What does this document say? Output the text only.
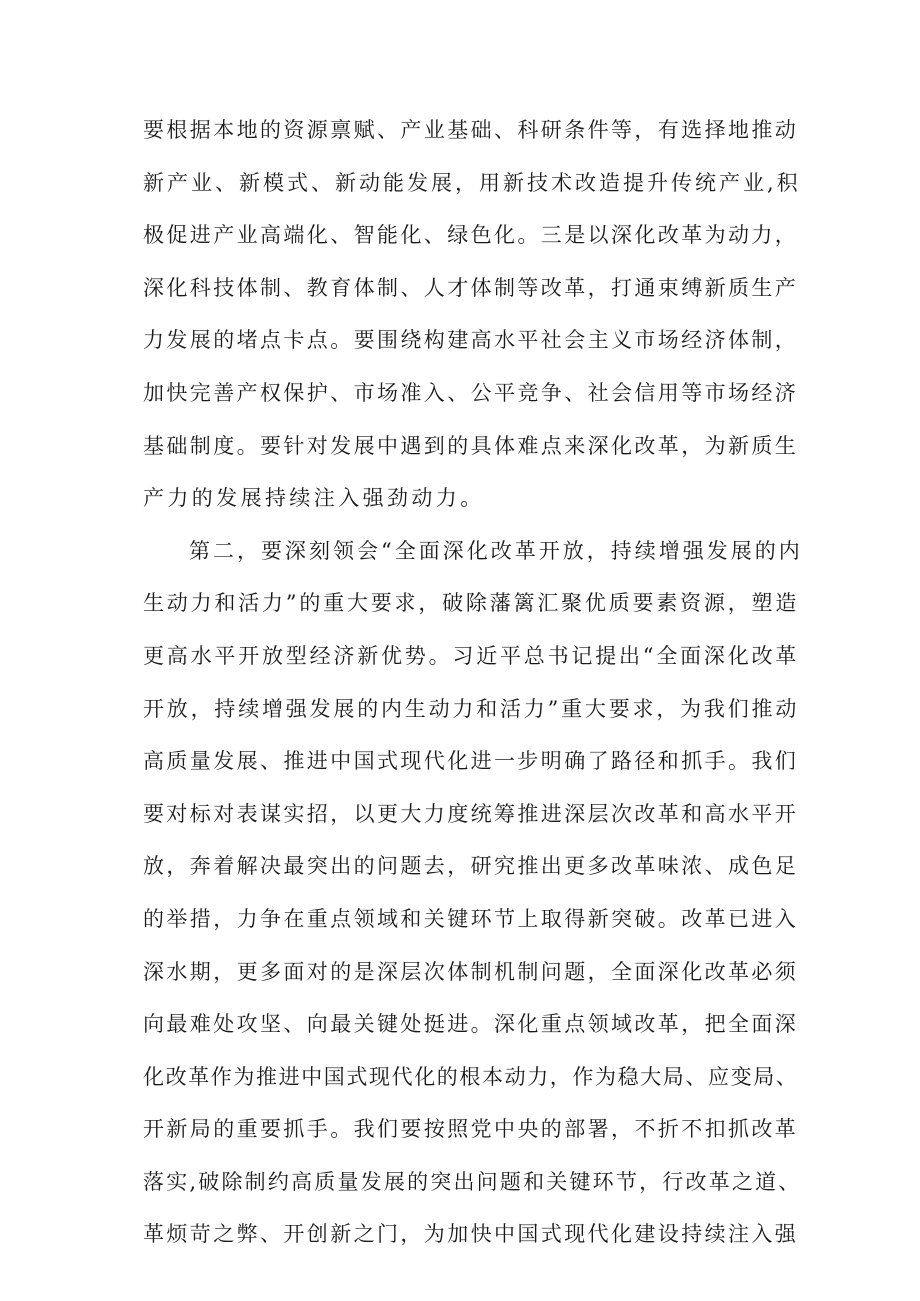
要根据本地的资源禀赋、产业基础、科研条件等，有选择地推动
新产业、新模式、新动能发展，用新技术改造提升传统产业,积
极促进产业高端化、智能化、绿色化。三是以深化改革为动力，
深化科技体制、教育体制、人才体制等改革，打通束缚新质生产
力发展的堵点卡点。要围绕构建高水平社会主义市场经济体制，
加快完善产权保护、市场准入、公平竞争、社会信用等市场经济
基础制度。要针对发展中遇到的具体难点来深化改革，为新质生
产力的发展持续注入强劲动力。
第二，要深刻领会“全面深化改革开放，持续增强发展的内
生动力和活力”的重大要求，破除藩篱汇聚优质要素资源，塑造
更高水平开放型经济新优势。习近平总书记提出“全面深化改革
开放，持续增强发展的内生动力和活力”重大要求，为我们推动
高质量发展、推进中国式现代化进一步明确了路径和抓手。我们
要对标对表谋实招，以更大力度统筹推进深层次改革和高水平开
放，奔着解决最突出的问题去，研究推出更多改革味浓、成色足
的举措，力争在重点领域和关键环节上取得新突破。改革已进入
深水期，更多面对的是深层次体制机制问题，全面深化改革必须
向最难处攻坚、向最关键处挺进。深化重点领域改革，把全面深
化改革作为推进中国式现代化的根本动力，作为稳大局、应变局、
开新局的重要抓手。我们要按照党中央的部署，不折不扣抓改革
落实,破除制约高质量发展的突出问题和关键环节，行改革之道、
革烦苛之弊、开创新之门，为加快中国式现代化建设持续注入强
